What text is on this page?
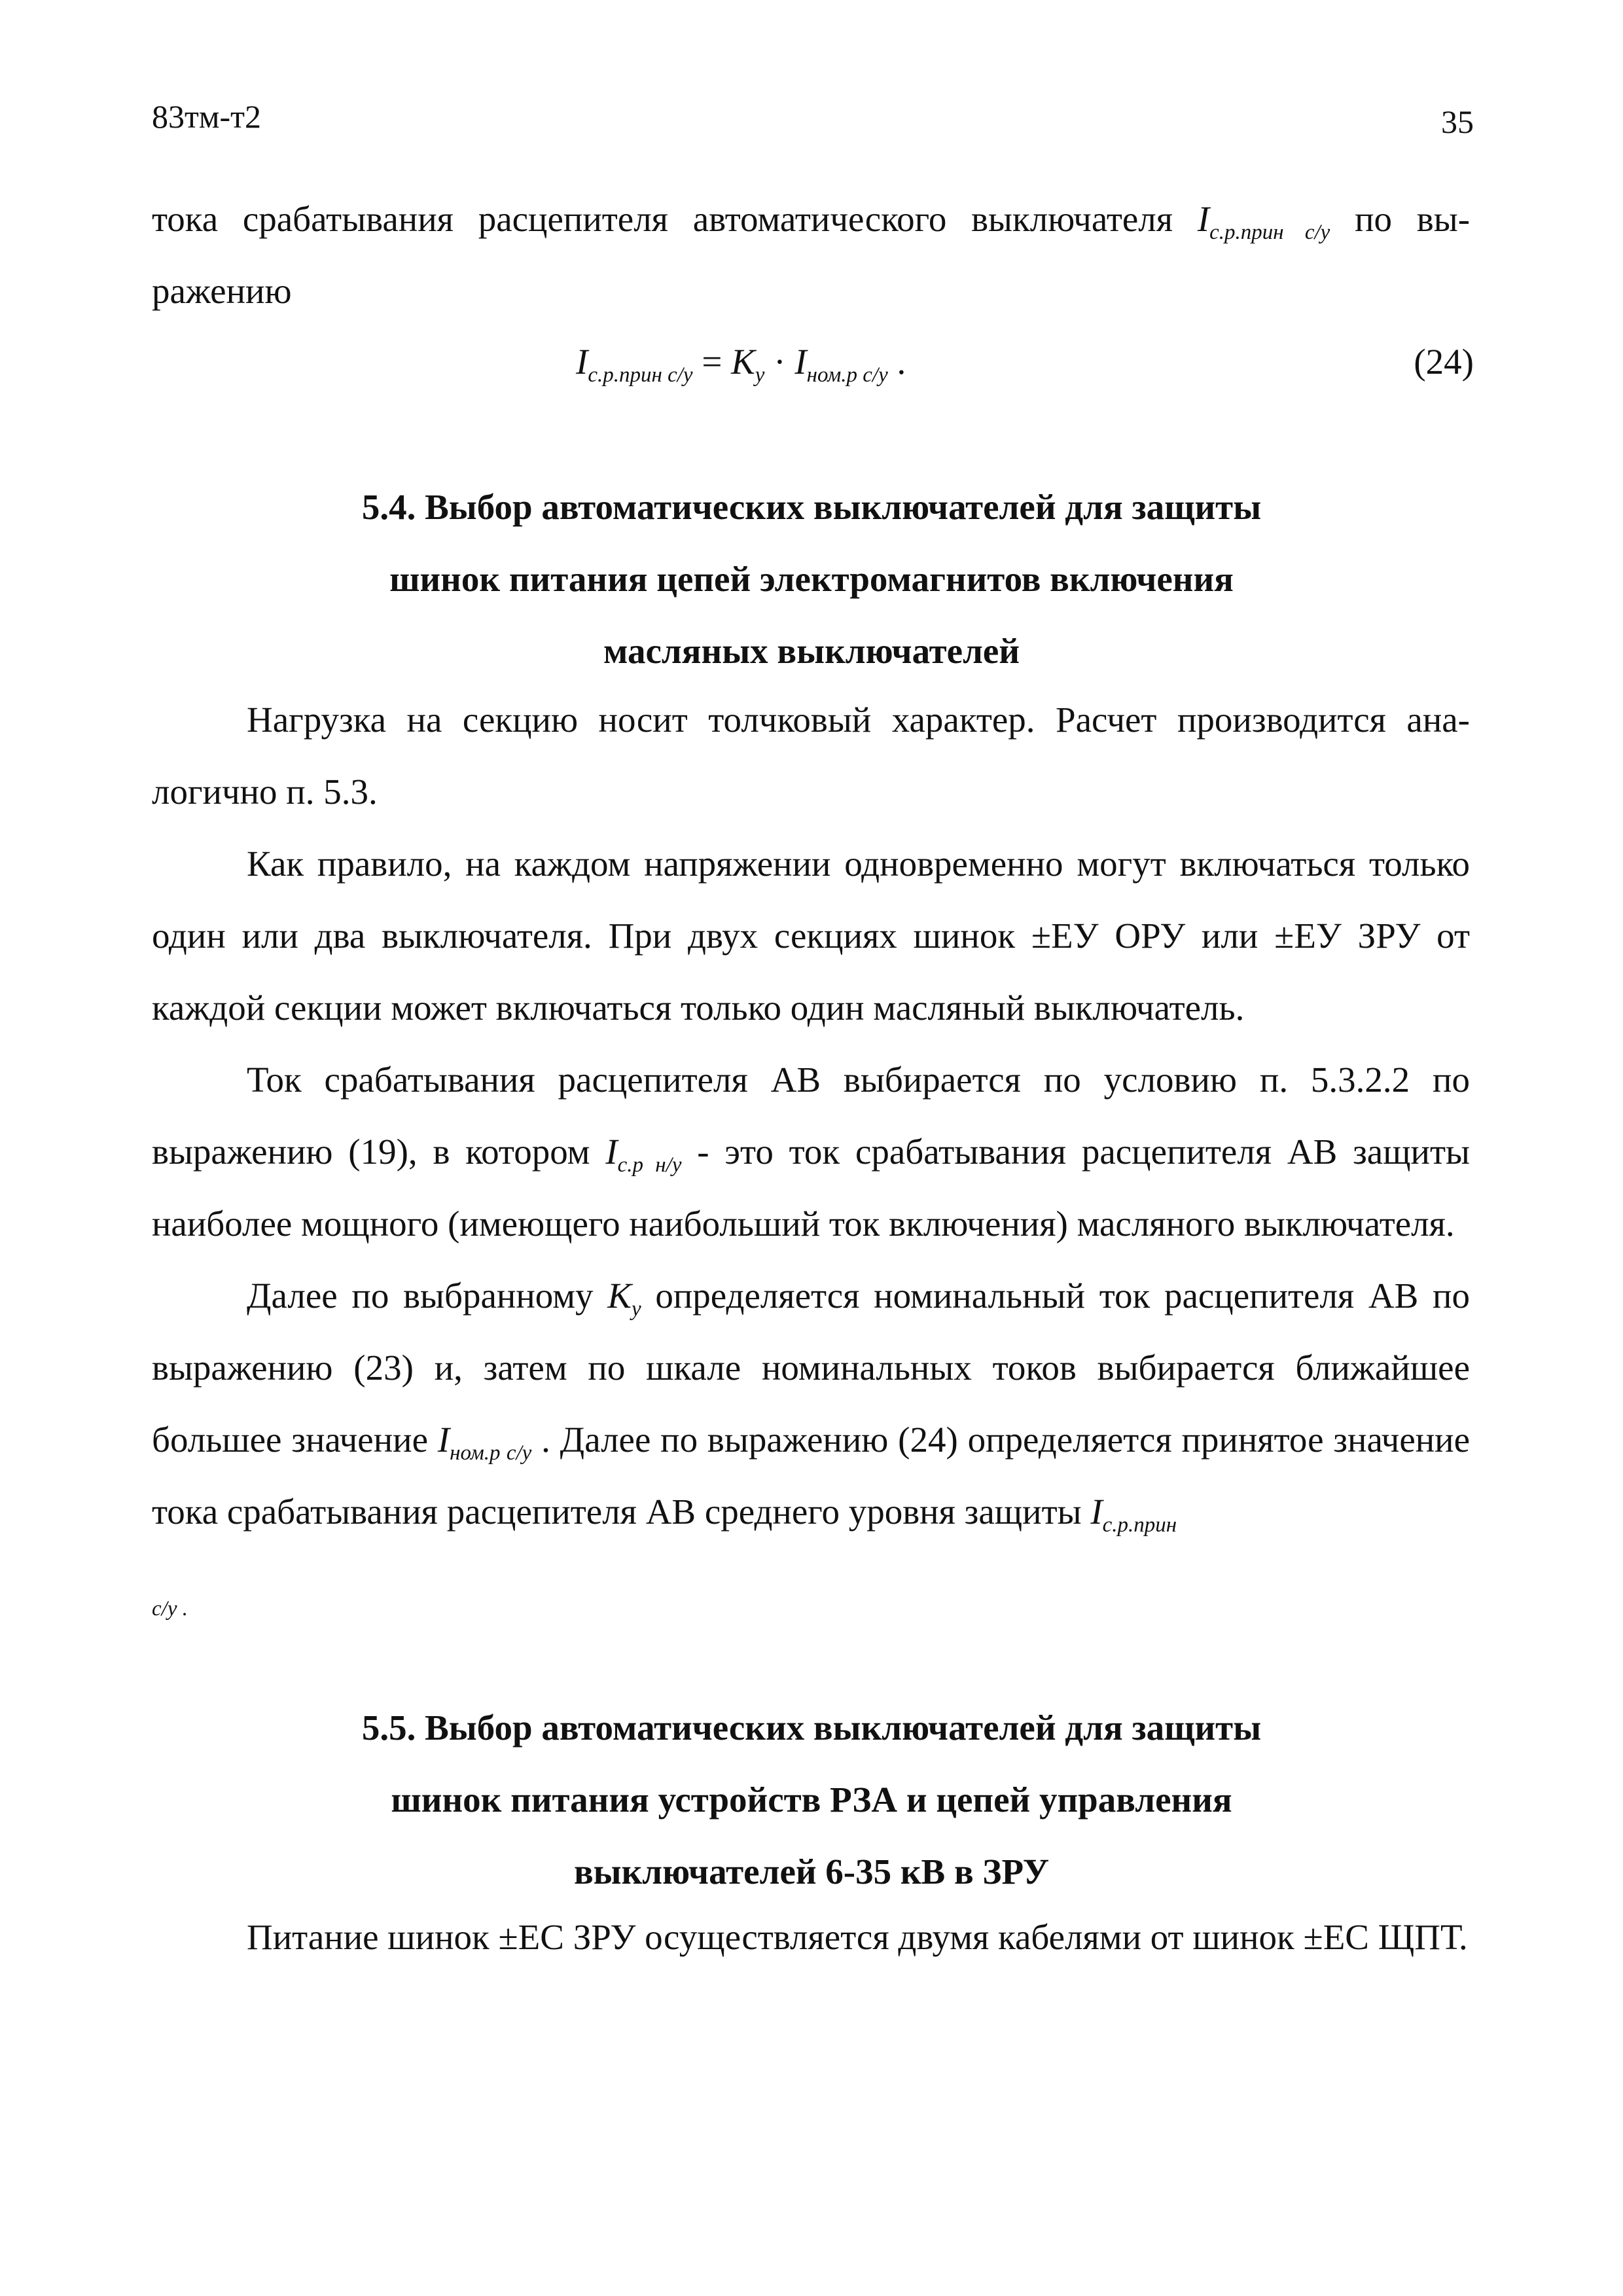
83тм-т2	35

тока срабатывания расцепителя автоматического выключателя $I_{с.р.прин с/у}$ по вы-

ражению

$I_{с.р.прин с/у} = K_у \cdot I_{ном.р с/у}$ .	(24)
5.4. Выбор автоматических выключателей для защиты
шинок питания цепей электромагнитов включения
масляных выключателей

Нагрузка на секцию носит толчковый характер. Расчет производится ана-

логично п. 5.3.

Как правило, на каждом напряжении одновременно могут включаться только один или два выключателя. При двух секциях шинок ±ЕУ ОРУ или ±ЕУ ЗРУ от каждой секции может включаться только один масляный выключатель.

Ток срабатывания расцепителя АВ выбирается по условию п. 5.3.2.2 по выражению (19), в котором $I_{с.р н/у}$ - это ток срабатывания расцепителя АВ защиты наиболее мощного (имеющего наибольший ток включения) масляного выключателя.

Далее по выбранному $K_у$ определяется номинальный ток расцепителя АВ по выражению (23) и, затем по шкале номинальных токов выбирается ближайшее большее значение $I_{ном.р с/у}$ . Далее по выражению (24) определяется принятое значение тока срабатывания расцепителя АВ среднего уровня защиты $I_{с.р.прин}$

с/у .
5.5. Выбор автоматических выключателей для защиты
шинок питания устройств РЗА и цепей управления
выключателей 6-35 кВ в ЗРУ

Питание шинок ±ЕС ЗРУ осуществляется двумя кабелями от шинок ±ЕС ЩПТ.
